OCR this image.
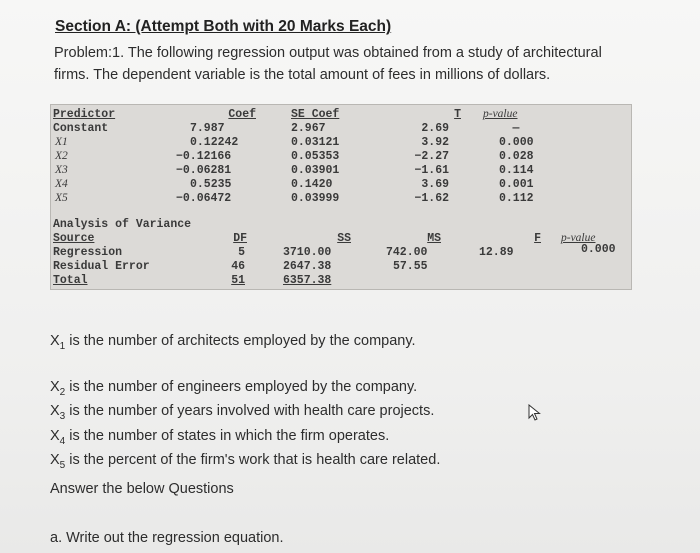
Section A: (Attempt Both with 20 Marks Each)
Problem:1. The following regression output was obtained from a study of architectural
firms. The dependent variable is the total amount of fees in millions of dollars.
Predictor	Coef	SE Coef	T p-value
Constant	7.987	2.967	2.69	—
X1	0.12242	0.03121	3.92	0.000
X2	−0.12166	0.05353	−2.27	0.028
X3	−0.06281	0.03901	−1.61	0.114
X4	0.5235	0.1420	3.69	0.001
X5	−0.06472	0.03999	−1.62	0.112
Analysis of Variance
Source	DF	SS	MS	F p-value
Regression	5	3710.00	742.00	12.89	0.000
Residual Error	46	2647.38	57.55
Total	51	6357.38
$X_1$ is the number of architects employed by the company.
$X_2$ is the number of engineers employed by the company.
$X_3$ is the number of years involved with health care projects.
$X_4$ is the number of states in which the firm operates.
$X_5$ is the percent of the firm's work that is health care related.
Answer the below Questions
a. Write out the regression equation.
